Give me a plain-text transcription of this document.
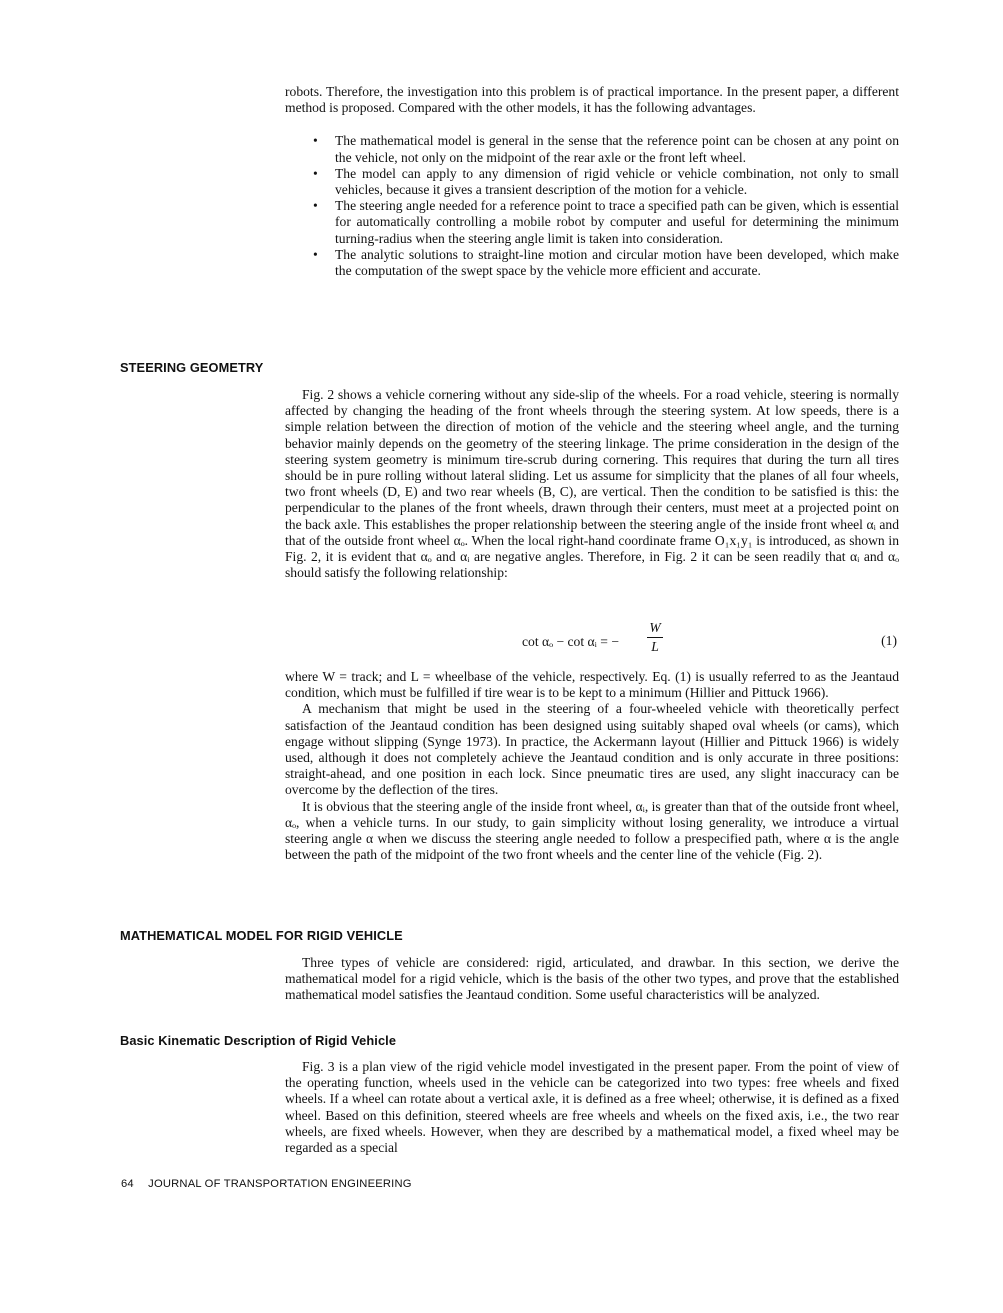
robots. Therefore, the investigation into this problem is of practical importance. In the present paper, a different method is proposed. Compared with the other models, it has the following advantages.

• The mathematical model is general in the sense that the reference point can be chosen at any point on the vehicle, not only on the midpoint of the rear axle or the front left wheel.
• The model can apply to any dimension of rigid vehicle or vehicle combination, not only to small vehicles, because it gives a transient description of the motion for a vehicle.
• The steering angle needed for a reference point to trace a specified path can be given, which is essential for automatically controlling a mobile robot by computer and useful for determining the minimum turning-radius when the steering angle limit is taken into consideration.
• The analytic solutions to straight-line motion and circular motion have been developed, which make the computation of the swept space by the vehicle more efficient and accurate.
STEERING GEOMETRY

Fig. 2 shows a vehicle cornering without any side-slip of the wheels. For a road vehicle, steering is normally affected by changing the heading of the front wheels through the steering system. At low speeds, there is a simple relation between the direction of motion of the vehicle and the steering wheel angle, and the turning behavior mainly depends on the geometry of the steering linkage. The prime consideration in the design of the steering system geometry is minimum tire-scrub during cornering. This requires that during the turn all tires should be in pure rolling without lateral sliding. Let us assume for simplicity that the planes of all four wheels, two front wheels (D, E) and two rear wheels (B, C), are vertical. Then the condition to be satisfied is this: the perpendicular to the planes of the front wheels, drawn through their centers, must meet at a projected point on the back axle. This establishes the proper relationship between the steering angle of the inside front wheel αᵢ and that of the outside front wheel αₒ. When the local right-hand coordinate frame O₁x₁y₁ is introduced, as shown in Fig. 2, it is evident that αₒ and αᵢ are negative angles. Therefore, in Fig. 2 it can be seen readily that αᵢ and αₒ should satisfy the following relationship:

cot αₒ − cot αᵢ = −
W
L	(1)

where W = track; and L = wheelbase of the vehicle, respectively. Eq. (1) is usually referred to as the Jeantaud condition, which must be fulfilled if tire wear is to be kept to a minimum (Hillier and Pittuck 1966).

A mechanism that might be used in the steering of a four-wheeled vehicle with theoretically perfect satisfaction of the Jeantaud condition has been designed using suitably shaped oval wheels (or cams), which engage without slipping (Synge 1973). In practice, the Ackermann layout (Hillier and Pittuck 1966) is widely used, although it does not completely achieve the Jeantaud condition and is only accurate in three positions: straight-ahead, and one position in each lock. Since pneumatic tires are used, any slight inaccuracy can be overcome by the deflection of the tires.

It is obvious that the steering angle of the inside front wheel, αᵢ, is greater than that of the outside front wheel, αₒ, when a vehicle turns. In our study, to gain simplicity without losing generality, we introduce a virtual steering angle α when we discuss the steering angle needed to follow a prespecified path, where α is the angle between the path of the midpoint of the two front wheels and the center line of the vehicle (Fig. 2).

MATHEMATICAL MODEL FOR RIGID VEHICLE

Three types of vehicle are considered: rigid, articulated, and drawbar. In this section, we derive the mathematical model for a rigid vehicle, which is the basis of the other two types, and prove that the established mathematical model satisfies the Jeantaud condition. Some useful characteristics will be analyzed.

Basic Kinematic Description of Rigid Vehicle

Fig. 3 is a plan view of the rigid vehicle model investigated in the present paper. From the point of view of the operating function, wheels used in the vehicle can be categorized into two types: free wheels and fixed wheels. If a wheel can rotate about a vertical axle, it is defined as a free wheel; otherwise, it is defined as a fixed wheel. Based on this definition, steered wheels are free wheels and wheels on the fixed axis, i.e., the two rear wheels, are fixed wheels. However, when they are described by a mathematical model, a fixed wheel may be regarded as a special

64 JOURNAL OF TRANSPORTATION ENGINEERING
